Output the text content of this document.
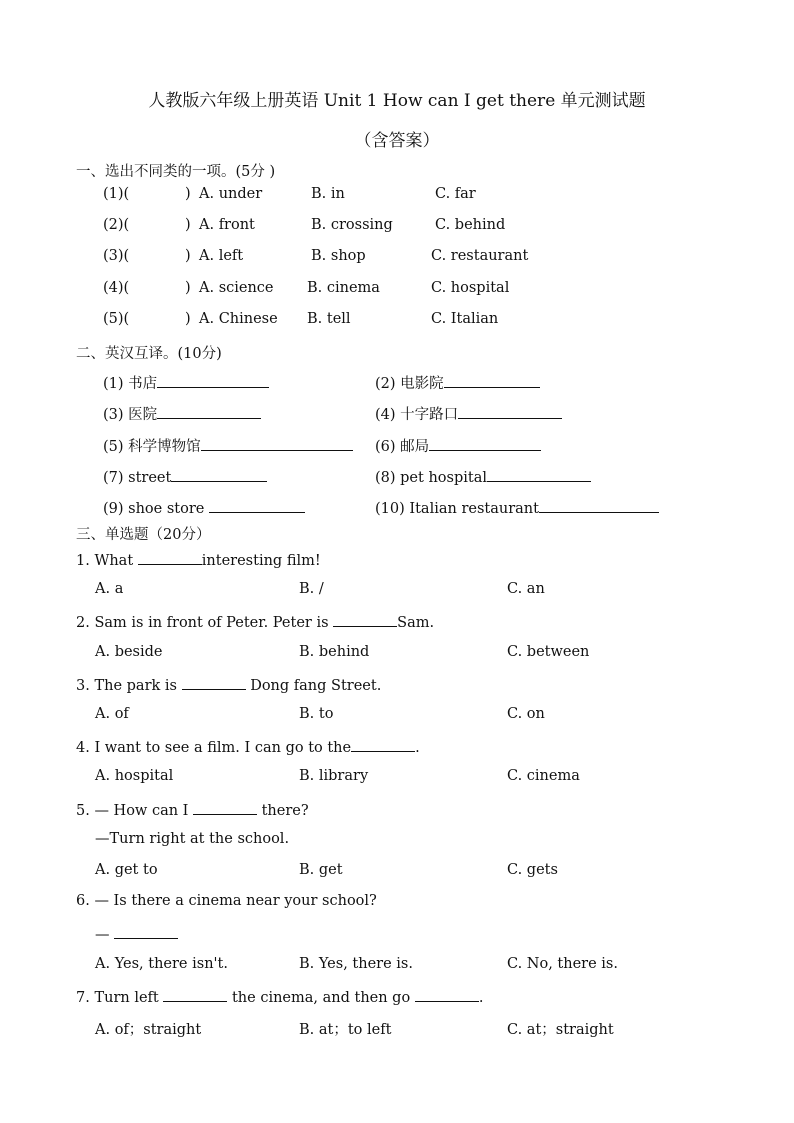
人教版六年级上册英语 Unit 1 How can I get there 单元测试题
（含答案）
一、选出不同类的一项。(5分 )
(1)(	) A. under	B. in	C. far
(2)(	) A. front	B. crossing	C. behind
(3)(	) A. left	B. shop	C. restaurant
(4)(	) A. science B. cinema	C. hospital
(5)(	) A. Chinese B. tell	C. Italian
二、英汉互译。(10分)
(1) 书店	(2) 电影院
(3) 医院	(4) 十字路口
(5) 科学博物馆	(6) 邮局
(7) street	(8) pet hospital
(9) shoe store	(10) Italian restaurant
三、单选题（20分）
1. What	interesting film!
A. a	B. /	C. an
2. Sam is in front of Peter. Peter is	Sam.
A. beside	B. behind	C. between
3. The park is	Dong fang Street.
A. of	B. to	C. on
4. I want to see a film. I can go to the	.
A. hospital	B. library	C. cinema
5. — How can I	there?
—Turn right at the school.
A. get to	B. get	C. gets
6. — Is there a cinema near your school?
—
A. Yes, there isn't.	B. Yes, there is.	C. No, there is.
7. Turn left	the cinema, and then go	.
A. of；straight	B. at；to left	C. at；straight
